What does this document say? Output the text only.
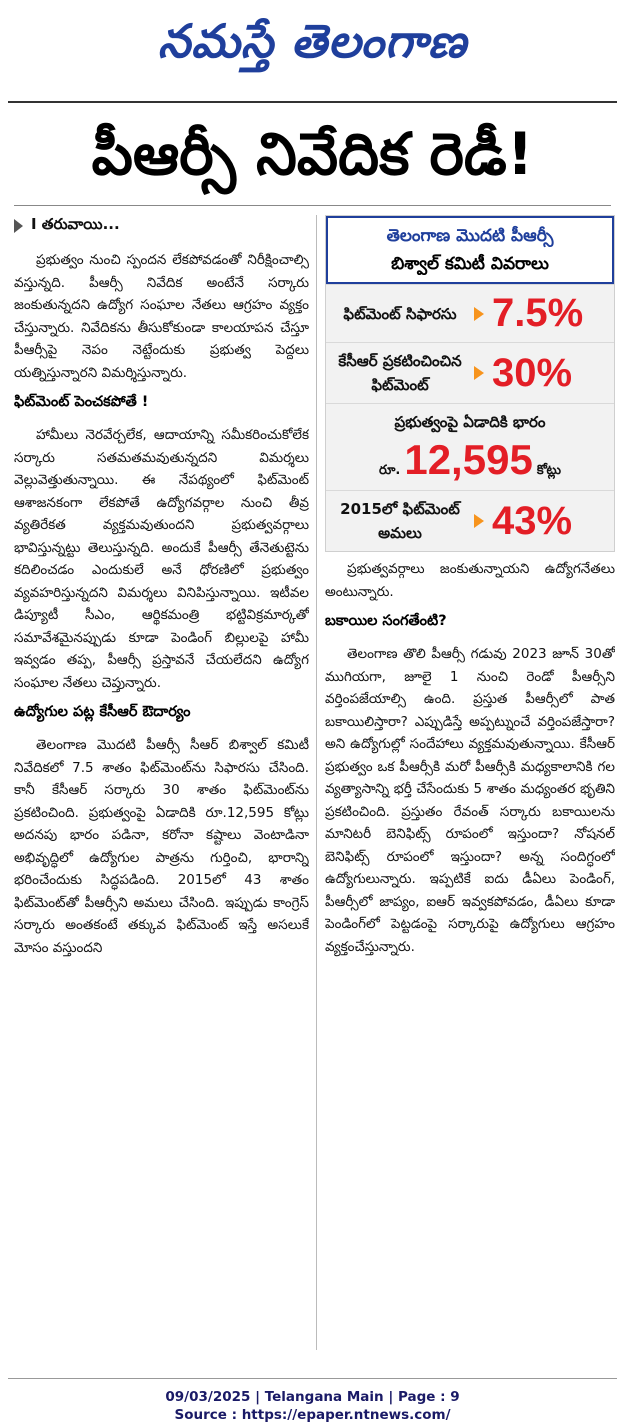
నమస్తే తెలంగాణ
పీఆర్సీ నివేదిక రెడీ!
I తరువాయి...

ప్రభుత్వం నుంచి స్పందన లేకపోవడంతో నిరీక్షించాల్సి వస్తున్నది. పీఆర్సీ నివేదిక అంటేనే సర్కారు జంకుతున్నదని ఉద్యోగ సంఘాల నేతలు ఆగ్రహం వ్యక్తం చేస్తున్నారు. నివేదికను తీసుకోకుండా కాలయాపన చేస్తూ పీఆర్సీపై నెపం నెట్టేందుకు ప్రభుత్వ పెద్దలు యత్నిస్తున్నారని విమర్శిస్తున్నారు.

ఫిట్‌మెంట్ పెంచకపోతే !

హామీలు నెరవేర్చలేక, ఆదాయాన్ని సమీకరించుకోలేక సర్కారు సతమతమవుతున్నదని విమర్శలు వెల్లువెత్తుతున్నాయి. ఈ నేపథ్యంలో ఫిట్‌మెంట్ ఆశాజనకంగా లేకపోతే ఉద్యోగవర్గాల నుంచి తీవ్ర వ్యతిరేకత వ్యక్తమవుతుందని ప్రభుత్వవర్గాలు భావిస్తున్నట్టు తెలుస్తున్నది. అందుకే పీఆర్సీ తేనెతుట్టెను కదిలించడం ఎందుకులే అనే ధోరణిలో ప్రభుత్వం వ్యవహరిస్తున్నదని విమర్శలు వినిపిస్తున్నాయి. ఇటీవల డిప్యూటీ సీఎం, ఆర్థికమంత్రి భట్టివిక్రమార్కతో సమావేశమైనప్పుడు కూడా పెండింగ్ బిల్లులపై హామీ ఇవ్వడం తప్ప, పీఆర్సీ ప్రస్తావనే చేయలేదని ఉద్యోగ సంఘాల నేతలు చెప్తున్నారు.

ఉద్యోగుల పట్ల కేసీఆర్ ఔదార్యం

తెలంగాణ మొదటి పీఆర్సీ సీఆర్ బిశ్వాల్ కమిటీ నివేదికలో 7.5 శాతం ఫిట్‌మెంట్‌ను సిఫారసు చేసింది. కానీ కేసీఆర్ సర్కారు 30 శాతం ఫిట్‌మెంట్‌ను ప్రకటించింది. ప్రభుత్వంపై ఏడాదికి రూ.12,595 కోట్లు అదనపు భారం పడినా, కరోనా కష్టాలు వెంటాడినా అభివృద్ధిలో ఉద్యోగుల పాత్రను గుర్తించి, భారాన్ని భరించేందుకు సిద్ధపడింది. 2015లో 43 శాతం ఫిట్‌మెంట్‌తో పీఆర్సీని అమలు చేసింది. ఇప్పుడు కాంగ్రెస్ సర్కారు అంతకంటే తక్కువ ఫిట్‌మెంట్ ఇస్తే అసలుకే మోసం వస్తుందని

తెలంగాణ మొదటి పీఆర్సీ
బిశ్వాల్ కమిటీ వివరాలు
ఫిట్‌మెంట్ సిఫారసు 7.5%
కేసీఆర్ ప్రకటించించిన ఫిట్‌మెంట్	30%
ప్రభుత్వంపై ఏడాదికి భారం
రూ. 12,595 కోట్లు
2015లో ఫిట్‌మెంట్ అమలు	43%

ప్రభుత్వవర్గాలు జంకుతున్నాయని ఉద్యోగనేతలు అంటున్నారు.

బకాయిల సంగతేంటి?

తెలంగాణ తొలి పీఆర్సీ గడువు 2023 జూన్ 30తో ముగియగా, జూలై 1 నుంచి రెండో పీఆర్సీని వర్తింపజేయాల్సి ఉంది. ప్రస్తుత పీఆర్సీలో పాత బకాయిలిస్తారా? ఎప్పుడిస్తే అప్పట్నుంచే వర్తింపజేస్తారా? అని ఉద్యోగుల్లో సందేహాలు వ్యక్తమవుతున్నాయి. కేసీఆర్ ప్రభుత్వం ఒక పీఆర్సీకి మరో పీఆర్సీకి మధ్యకాలానికి గల వ్యత్యాసాన్ని భర్తీ చేసేందుకు 5 శాతం మధ్యంతర భృతిని ప్రకటించింది. ప్రస్తుతం రేవంత్ సర్కారు బకాయిలను మానిటరీ బెనిఫిట్స్ రూపంలో ఇస్తుందా? నోషనల్ బెనిఫిట్స్ రూపంలో ఇస్తుందా? అన్న సందిగ్ధంలో ఉద్యోగులున్నారు. ఇప్పటికే ఐదు డీఏలు పెండింగ్, పీఆర్సీలో జాప్యం, ఐఆర్ ఇవ్వకపోవడం, డీఏలు కూడా పెండింగ్‌లో పెట్టడంపై సర్కారుపై ఉద్యోగులు ఆగ్రహం వ్యక్తంచేస్తున్నారు.

09/03/2025 | Telangana Main | Page : 9
Source : https://epaper.ntnews.com/
